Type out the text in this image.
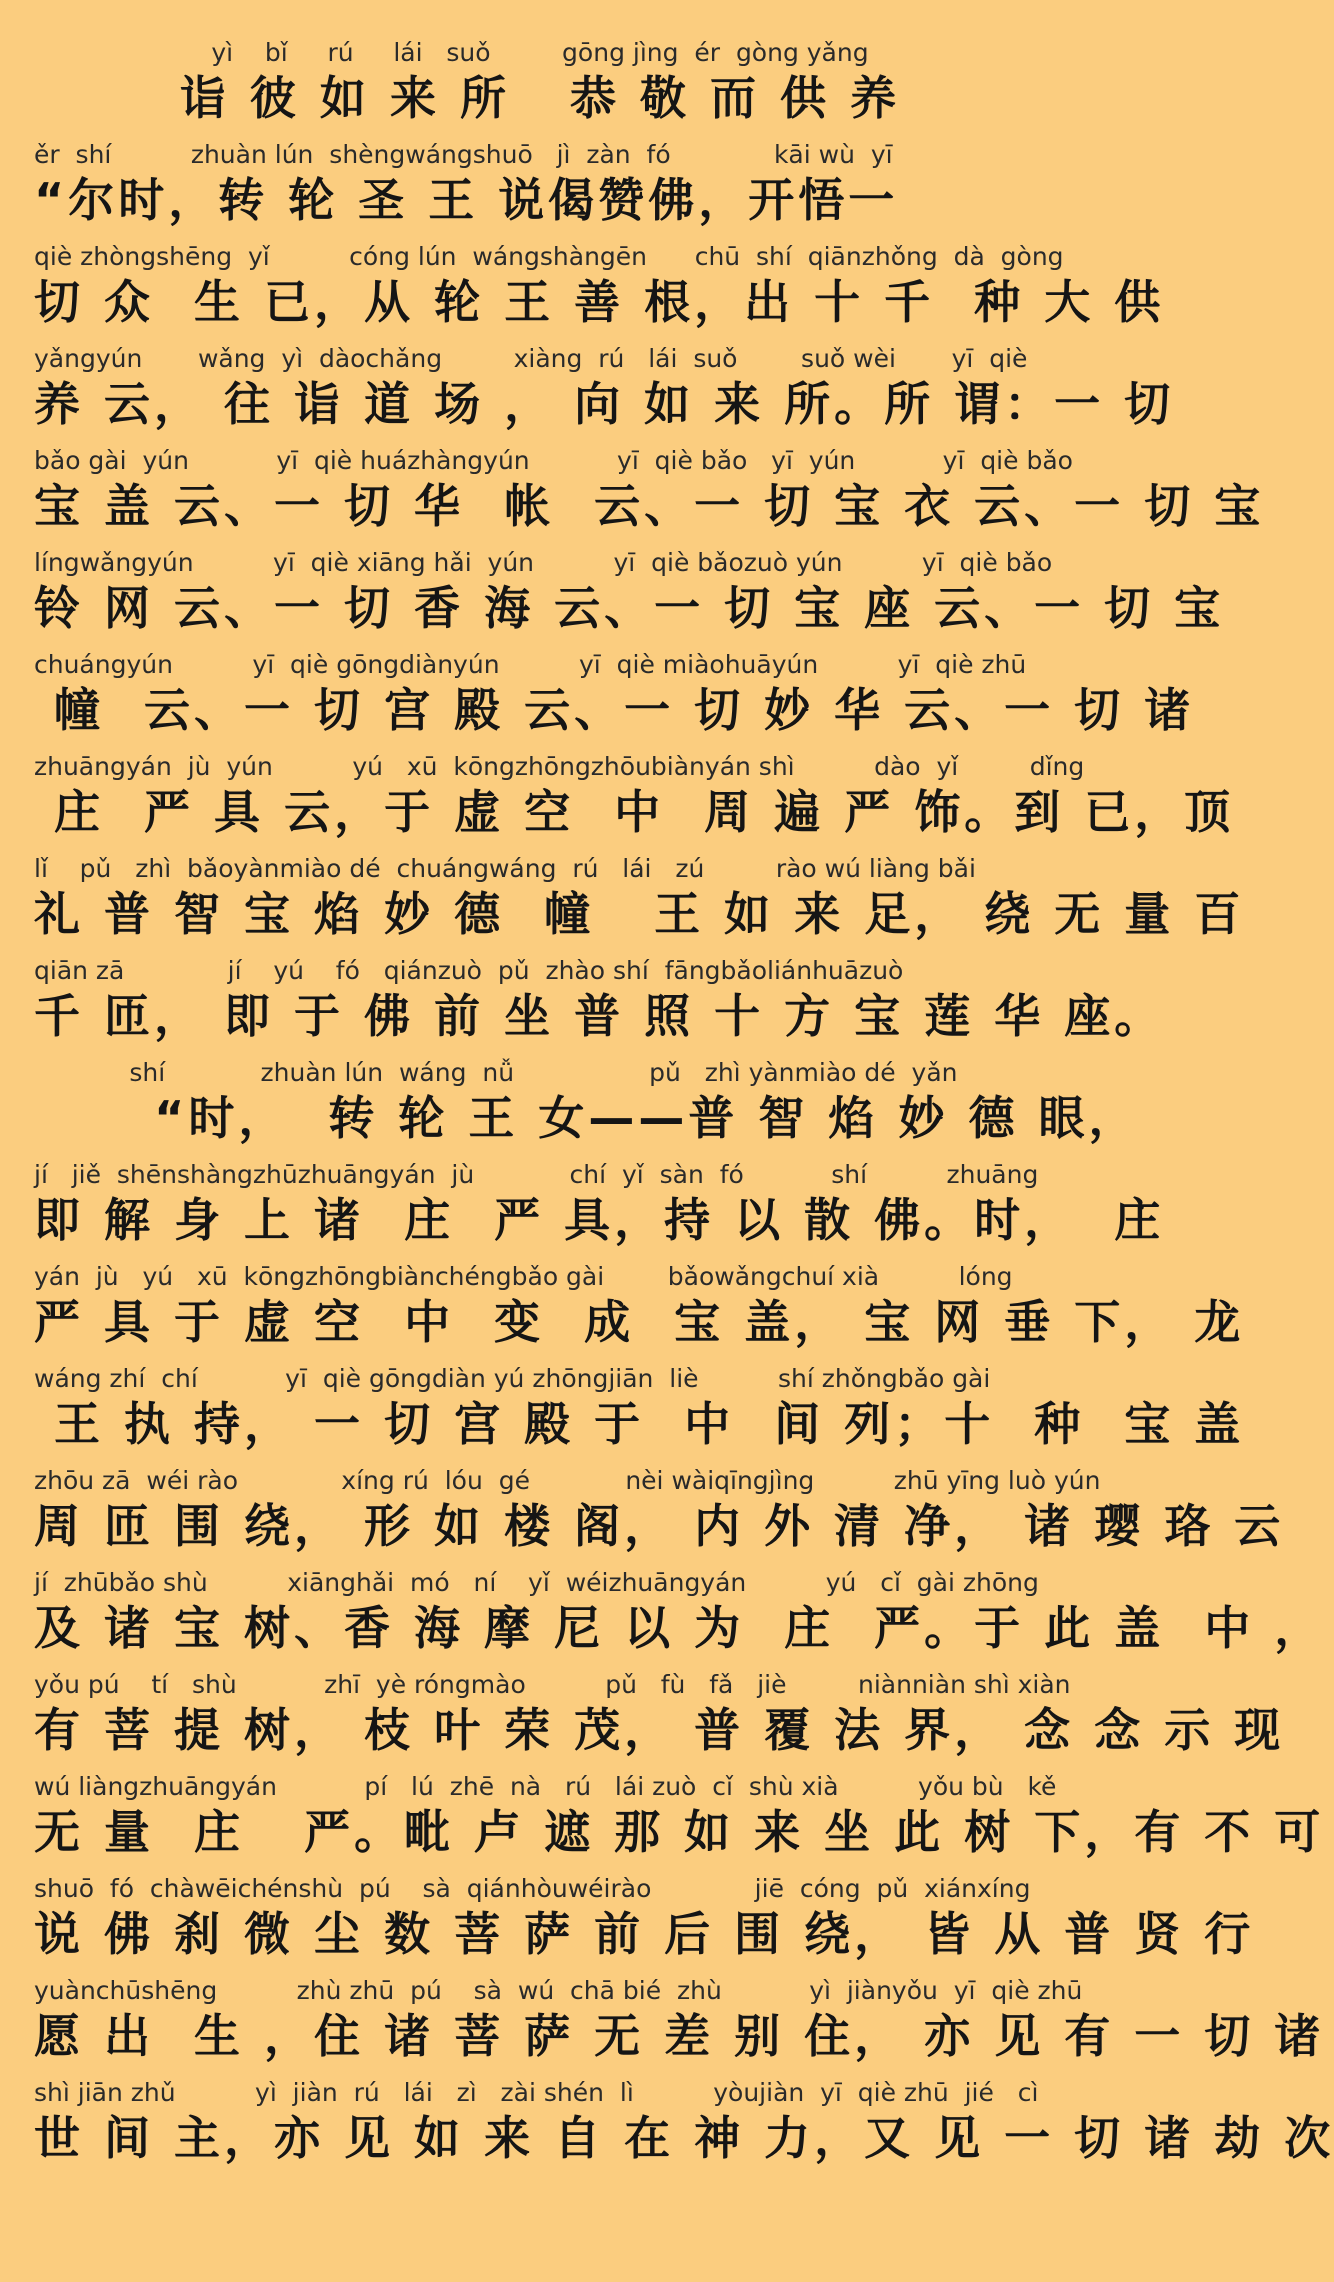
yì    bǐ     rú     lái   suǒ         gōng jìng  ér  gòng yǎng
诣 彼 如 来 所   恭 敬 而 供 养
ěr  shí          zhuàn lún  shèngwángshuō   jì  zàn  fó             kāi wù  yī
“尔时，转 轮 圣 王 说偈赞佛，开悟一
qiè zhòngshēng  yǐ          cóng lún  wángshàngēn      chū  shí  qiānzhǒng  dà  gòng
切 众  生 已，从 轮 王 善 根，出 十 千  种 大 供
yǎngyún       wǎng  yì  dàochǎng         xiàng  rú   lái  suǒ        suǒ wèi       yī  qiè
养 云， 往 诣 道 场 ， 向 如 来 所。所 谓：一 切
bǎo gài  yún           yī  qiè huázhàngyún           yī  qiè bǎo   yī  yún           yī  qiè bǎo
宝 盖 云、一 切 华  帐  云、一 切 宝 衣 云、一 切 宝
língwǎngyún          yī  qiè xiāng hǎi  yún          yī  qiè bǎozuò yún          yī  qiè bǎo
铃 网 云、一 切 香 海 云、一 切 宝 座 云、一 切 宝
chuángyún          yī  qiè gōngdiànyún          yī  qiè miàohuāyún          yī  qiè zhū
幢  云、一 切 宫 殿 云、一 切 妙 华 云、一 切 诸
zhuāngyán  jù  yún          yú   xū  kōngzhōngzhōubiànyán shì          dào  yǐ         dǐng
庄  严 具 云，于 虚 空  中  周 遍 严 饰。到 已，顶
lǐ    pǔ   zhì  bǎoyànmiào dé  chuángwáng  rú   lái   zú         rào wú liàng bǎi
礼 普 智 宝 焰 妙 德  幢   王 如 来 足， 绕 无 量 百
qiān zā             jí    yú    fó   qiánzuò  pǔ  zhào shí  fāngbǎoliánhuāzuò
千 匝， 即 于 佛 前 坐 普 照 十 方 宝 莲 华 座。
shí            zhuàn lún  wáng  nǚ                 pǔ   zhì yànmiào dé  yǎn
“时，  转 轮 王 女——普 智 焰 妙 德 眼，
jí   jiě  shēnshàngzhūzhuāngyán  jù            chí  yǐ  sàn  fó           shí          zhuāng
即 解 身 上 诸  庄  严 具，持 以 散 佛。时，  庄
yán  jù   yú   xū  kōngzhōngbiànchéngbǎo gài        bǎowǎngchuí xià          lóng
严 具 于 虚 空  中  变  成  宝 盖， 宝 网 垂 下， 龙
wáng zhí  chí           yī  qiè gōngdiàn yú zhōngjiān  liè          shí zhǒngbǎo gài
王 执 持， 一 切 宫 殿 于  中  间 列；十  种  宝 盖
zhōu zā  wéi rào             xíng rú  lóu  gé            nèi wàiqīngjìng          zhū yīng luò yún
周 匝 围 绕， 形 如 楼 阁， 内 外 清 净， 诸 璎 珞 云
jí  zhūbǎo shù          xiānghǎi  mó   ní    yǐ  wéizhuāngyán          yú   cǐ  gài zhōng
及 诸 宝 树、香 海 摩 尼 以 为  庄  严。于 此 盖  中 ，
yǒu pú    tí   shù           zhī  yè róngmào          pǔ   fù   fǎ   jiè         niànniàn shì xiàn
有 菩 提 树， 枝 叶 荣 茂， 普 覆 法 界， 念 念 示 现
wú liàngzhuāngyán           pí   lú  zhē  nà   rú   lái zuò  cǐ  shù xià          yǒu bù   kě
无 量  庄   严。毗 卢 遮 那 如 来 坐 此 树 下，有 不 可
shuō  fó  chàwēichénshù  pú    sà  qiánhòuwéirào             jiē  cóng  pǔ  xiánxíng
说 佛 刹 微 尘 数 菩 萨 前 后 围 绕， 皆 从 普 贤 行
yuànchūshēng          zhù zhū  pú    sà  wú  chā bié  zhù           yì  jiànyǒu  yī  qiè zhū
愿 出  生 ，住 诸 菩 萨 无 差 别 住， 亦 见 有 一 切 诸
shì jiān zhǔ          yì  jiàn  rú   lái   zì   zài shén  lì          yòujiàn  yī  qiè zhū  jié   cì
世 间 主，亦 见 如 来 自 在 神 力，又 见 一 切 诸 劫 次
